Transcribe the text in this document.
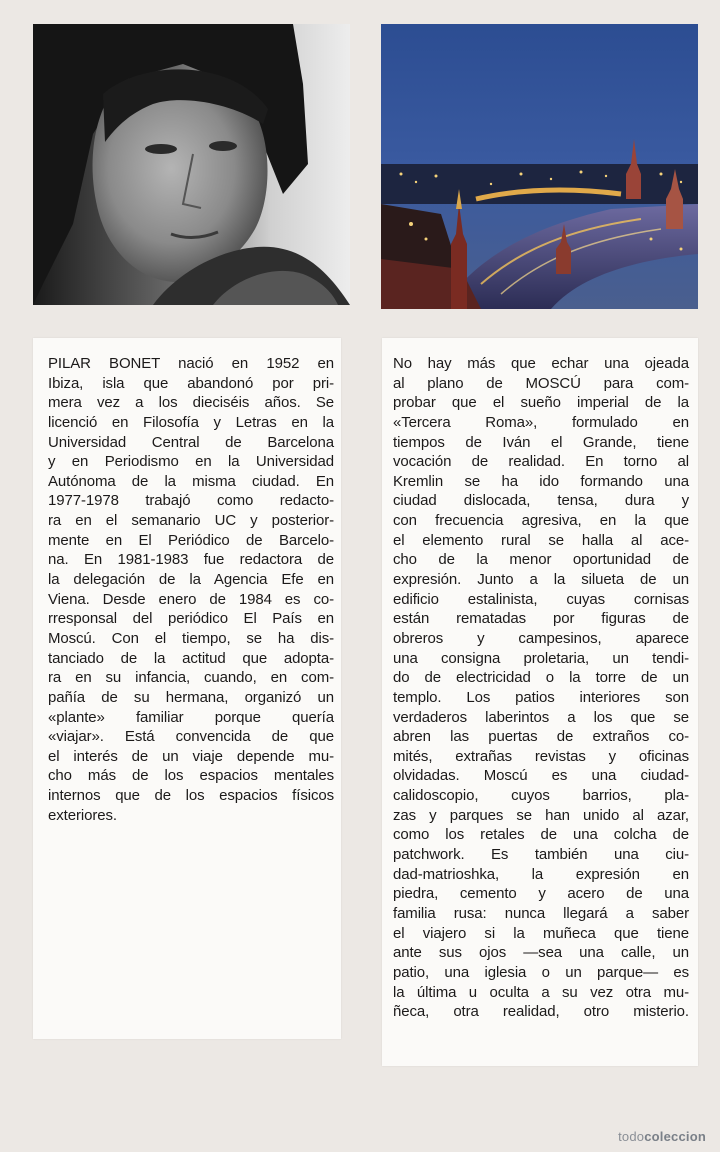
PILAR BONET nació en 1952 en
Ibiza, isla que abandonó por pri-
mera vez a los dieciséis años. Se
licenció en Filosofía y Letras en la
Universidad Central de Barcelona
y en Periodismo en la Universidad
Autónoma de la misma ciudad. En
1977-1978 trabajó como redacto-
ra en el semanario UC y posterior-
mente en El Periódico de Barcelo-
na. En 1981-1983 fue redactora de
la delegación de la Agencia Efe en
Viena. Desde enero de 1984 es co-
rresponsal del periódico El País en
Moscú. Con el tiempo, se ha dis-
tanciado de la actitud que adopta-
ra en su infancia, cuando, en com-
pañía de su hermana, organizó un
«plante» familiar porque quería
«viajar». Está convencida de que
el interés de un viaje depende mu-
cho más de los espacios mentales
internos que de los espacios físicos
exteriores.
No hay más que echar una ojeada
al plano de MOSCÚ para com-
probar que el sueño imperial de la
«Tercera Roma», formulado en
tiempos de Iván el Grande, tiene
vocación de realidad. En torno al
Kremlin se ha ido formando una
ciudad dislocada, tensa, dura y
con frecuencia agresiva, en la que
el elemento rural se halla al ace-
cho de la menor oportunidad de
expresión. Junto a la silueta de un
edificio estalinista, cuyas cornisas
están rematadas por figuras de
obreros y campesinos, aparece
una consigna proletaria, un tendi-
do de electricidad o la torre de un
templo. Los patios interiores son
verdaderos laberintos a los que se
abren las puertas de extraños co-
mités, extrañas revistas y oficinas
olvidadas. Moscú es una ciudad-
calidoscopio, cuyos barrios, pla-
zas y parques se han unido al azar,
como los retales de una colcha de
patchwork. Es también una ciu-
dad-matrioshka, la expresión en
piedra, cemento y acero de una
familia rusa: nunca llegará a saber
el viajero si la muñeca que tiene
ante sus ojos —sea una calle, un
patio, una iglesia o un parque— es
la última u oculta a su vez otra mu-
ñeca, otra realidad, otro misterio.
todocoleccion
